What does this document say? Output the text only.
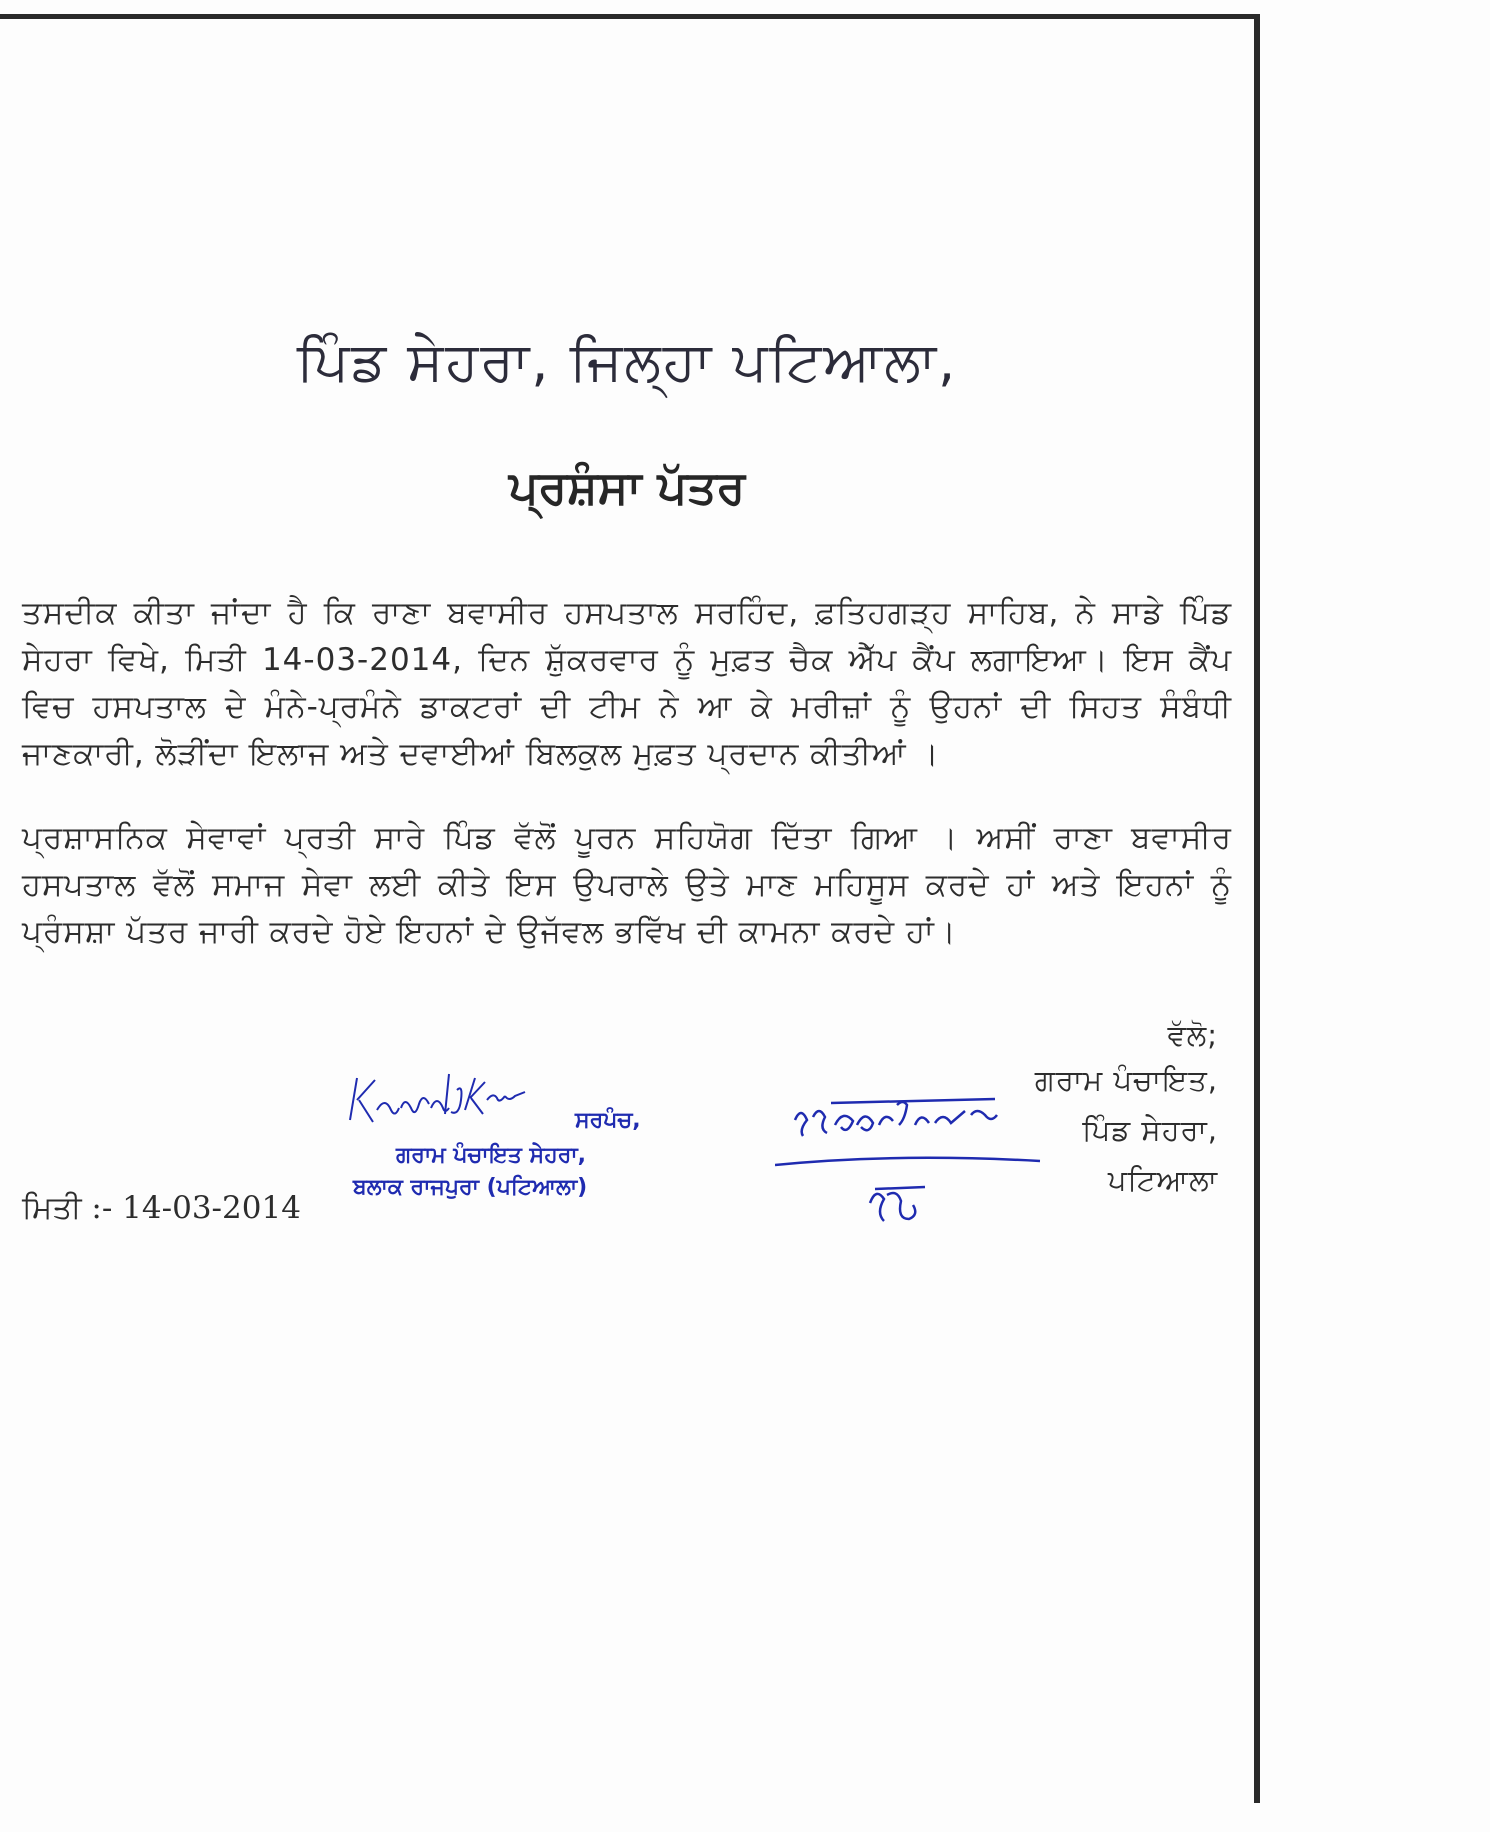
ਪਿੰਡ ਸੇਹਰਾ, ਜਿਲ੍ਹਾ ਪਟਿਆਲਾ,
ਪ੍ਰਸ਼ੰਸਾ ਪੱਤਰ

ਤਸਦੀਕ ਕੀਤਾ ਜਾਂਦਾ ਹੈ ਕਿ ਰਾਣਾ ਬਵਾਸੀਰ ਹਸਪਤਾਲ ਸਰਹਿੰਦ, ਫ਼ਤਿਹਗੜ੍ਹ ਸਾਹਿਬ, ਨੇ ਸਾਡੇ ਪਿੰਡ ਸੇਹਰਾ ਵਿਖੇ, ਮਿਤੀ 14-03-2014, ਦਿਨ ਸ਼ੁੱਕਰਵਾਰ ਨੂੰ ਮੁਫ਼ਤ ਚੈਕ ਐੱਪ ਕੈਂਪ ਲਗਾਇਆ। ਇਸ ਕੈਂਪ ਵਿਚ ਹਸਪਤਾਲ ਦੇ ਮੰਨੇ-ਪ੍ਰਮੰਨੇ ਡਾਕਟਰਾਂ ਦੀ ਟੀਮ ਨੇ ਆ ਕੇ ਮਰੀਜ਼ਾਂ ਨੂੰ ਉਹਨਾਂ ਦੀ ਸਿਹਤ ਸੰਬੰਧੀ ਜਾਣਕਾਰੀ, ਲੋੜੀਂਦਾ ਇਲਾਜ ਅਤੇ ਦਵਾਈਆਂ ਬਿਲਕੁਲ ਮੁਫ਼ਤ ਪ੍ਰਦਾਨ ਕੀਤੀਆਂ ।

ਪ੍ਰਸ਼ਾਸਨਿਕ ਸੇਵਾਵਾਂ ਪ੍ਰਤੀ ਸਾਰੇ ਪਿੰਡ ਵੱਲੋਂ ਪੂਰਨ ਸਹਿਯੋਗ ਦਿੱਤਾ ਗਿਆ । ਅਸੀਂ ਰਾਣਾ ਬਵਾਸੀਰ ਹਸਪਤਾਲ ਵੱਲੋਂ ਸਮਾਜ ਸੇਵਾ ਲਈ ਕੀਤੇ ਇਸ ਉਪਰਾਲੇ ਉਤੇ ਮਾਣ ਮਹਿਸੂਸ ਕਰਦੇ ਹਾਂ ਅਤੇ ਇਹਨਾਂ ਨੂੰ ਪ੍ਰੰਸਸ਼ਾ ਪੱਤਰ ਜਾਰੀ ਕਰਦੇ ਹੋਏ ਇਹਨਾਂ ਦੇ ਉਜੱਵਲ ਭਵਿੱਖ ਦੀ ਕਾਮਨਾ ਕਰਦੇ ਹਾਂ।

ਵੱਲੋ;
ਗਰਾਮ ਪੰਚਾਇਤ,
ਪਿੰਡ ਸੇਹਰਾ,
ਪਟਿਆਲਾ
ਸਰਪੰਚ,
ਗਰਾਮ ਪੰਚਾਇਤ ਸੇਹਰਾ,
ਬਲਾਕ ਰਾਜਪੁਰਾ (ਪਟਿਆਲਾ)
ਮਿਤੀ :- 14-03-2014
